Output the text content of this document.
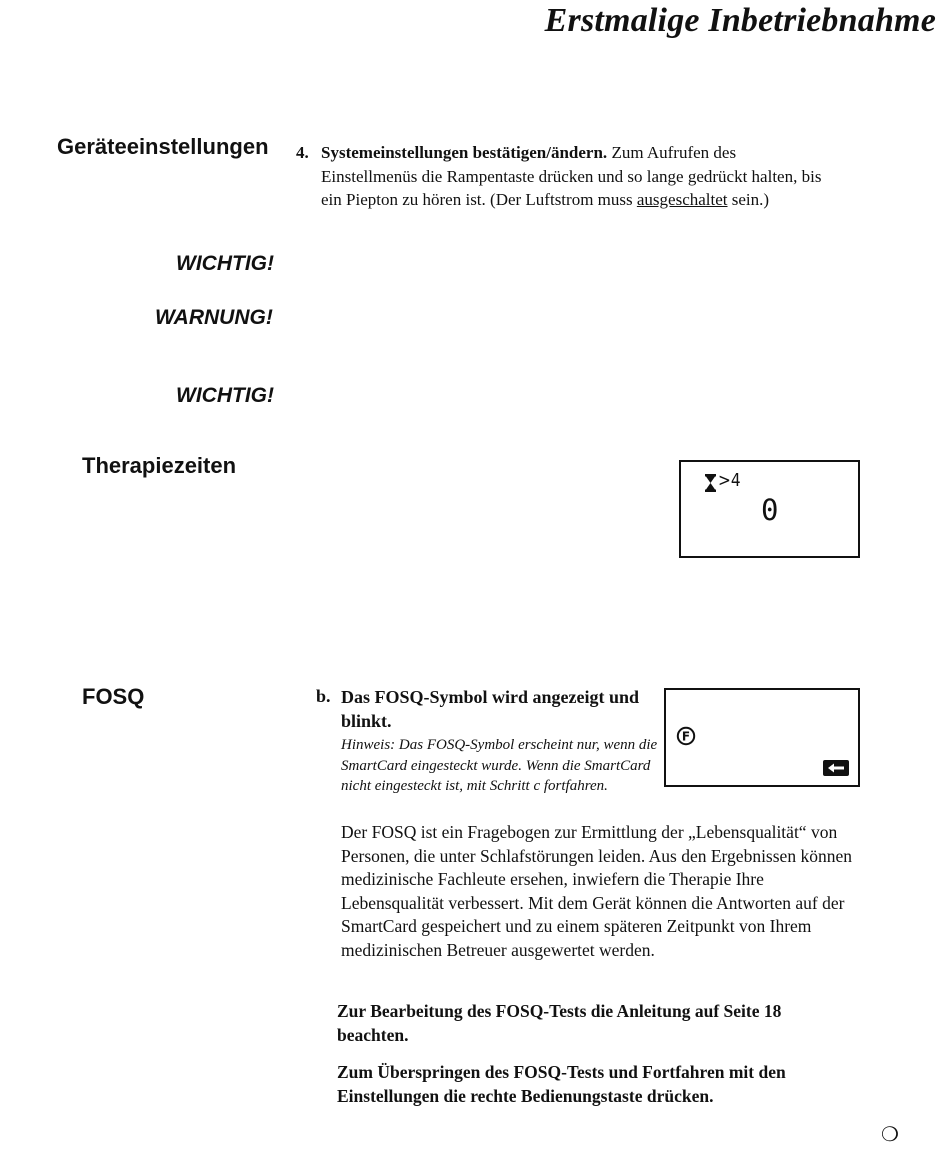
Erstmalige Inbetriebnahme
Geräteeinstellungen 4. Systemeinstellungen bestätigen/ändern. Zum Aufrufen des Einstellmenüs die Rampentaste drücken und so lange gedrückt halten, bis ein Piepton zu hören ist. (Der Luftstrom muss ausgeschaltet sein.)
WICHTIG!
WARNUNG!
WICHTIG!
Therapiezeiten
>4
0
FOSQ	b. Das FOSQ-Symbol wird angezeigt und blinkt.
Hinweis: Das FOSQ-Symbol erscheint nur, wenn die SmartCard eingesteckt wurde. Wenn die SmartCard nicht eingesteckt ist, mit Schritt c fortfahren.
F
Der FOSQ ist ein Fragebogen zur Ermittlung der „Lebensqualität“ von Personen, die unter Schlafstörungen leiden. Aus den Ergebnissen können medizinische Fachleute ersehen, inwiefern die Therapie Ihre Lebensqualität verbessert. Mit dem Gerät können die Antworten auf der SmartCard gespeichert und zu einem späteren Zeitpunkt von Ihrem medizinischen Betreuer ausgewertet werden.
Zur Bearbeitung des FOSQ-Tests die Anleitung auf Seite 18 beachten.
Zum Überspringen des FOSQ-Tests und Fortfahren mit den Einstellungen die rechte Bedienungstaste drücken.
❍
